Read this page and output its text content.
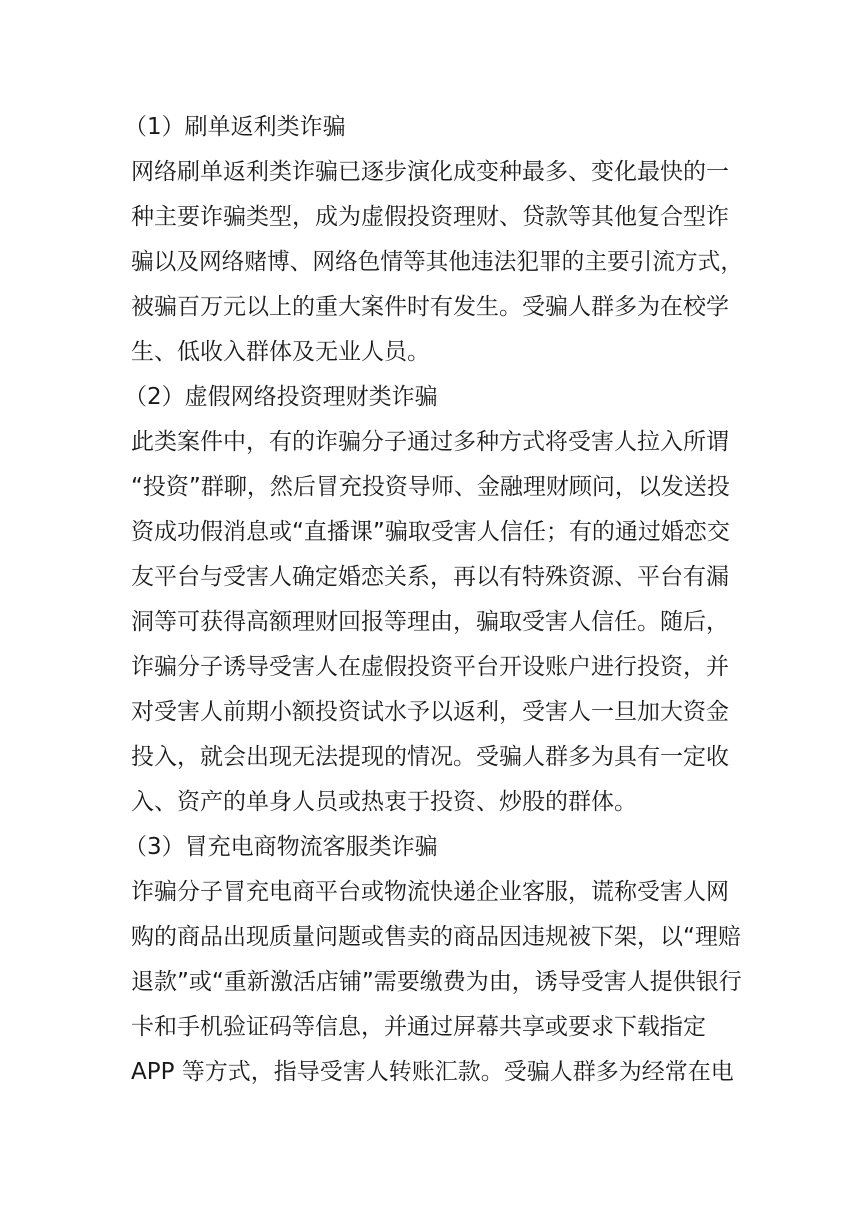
（1）刷单返利类诈骗
网络刷单返利类诈骗已逐步演化成变种最多、变化最快的一
种主要诈骗类型，成为虚假投资理财、贷款等其他复合型诈
骗以及网络赌博、网络色情等其他违法犯罪的主要引流方式，
被骗百万元以上的重大案件时有发生。受骗人群多为在校学
生、低收入群体及无业人员。
（2）虚假网络投资理财类诈骗
此类案件中，有的诈骗分子通过多种方式将受害人拉入所谓
“投资”群聊，然后冒充投资导师、金融理财顾问，以发送投
资成功假消息或“直播课”骗取受害人信任；有的通过婚恋交
友平台与受害人确定婚恋关系，再以有特殊资源、平台有漏
洞等可获得高额理财回报等理由，骗取受害人信任。随后，
诈骗分子诱导受害人在虚假投资平台开设账户进行投资，并
对受害人前期小额投资试水予以返利，受害人一旦加大资金
投入，就会出现无法提现的情况。受骗人群多为具有一定收
入、资产的单身人员或热衷于投资、炒股的群体。
（3）冒充电商物流客服类诈骗
诈骗分子冒充电商平台或物流快递企业客服，谎称受害人网
购的商品出现质量问题或售卖的商品因违规被下架，以“理赔
退款”或“重新激活店铺”需要缴费为由，诱导受害人提供银行
卡和手机验证码等信息，并通过屏幕共享或要求下载指定
APP 等方式，指导受害人转账汇款。受骗人群多为经常在电
